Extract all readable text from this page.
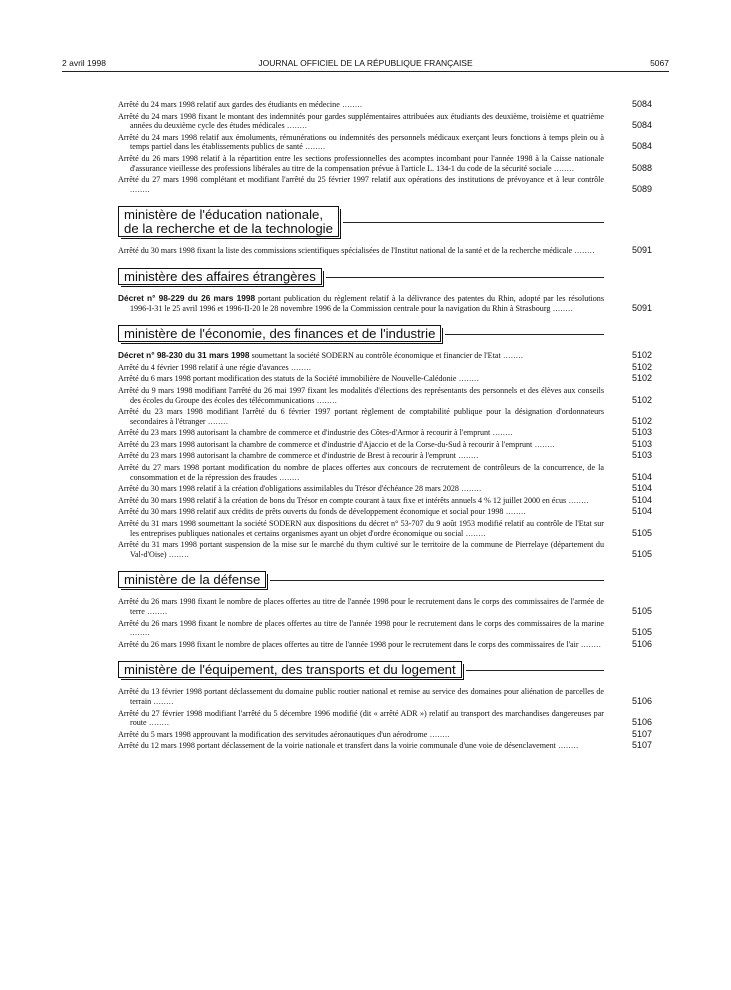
2 avril 1998	JOURNAL OFFICIEL DE LA RÉPUBLIQUE FRANÇAISE	5067
Arrêté du 24 mars 1998 relatif aux gardes des étudiants en médecine ........	5084
Arrêté du 24 mars 1998 fixant le montant des indemnités pour gardes supplémentaires attribuées aux étudiants des deuxième, troisième et quatrième années du deuxième cycle des études médicales ........	5084
Arrêté du 24 mars 1998 relatif aux émoluments, rémunérations ou indemnités des personnels médicaux exerçant leurs fonctions à temps plein ou à temps partiel dans les établissements publics de santé ........	5084
Arrêté du 26 mars 1998 relatif à la répartition entre les sections professionnelles des acomptes incombant pour l'année 1998 à la Caisse nationale d'assurance vieillesse des professions libérales au titre de la compensation prévue à l'article L. 134-1 du code de la sécurité sociale ........	5088
Arrêté du 27 mars 1998 complétant et modifiant l'arrêté du 25 février 1997 relatif aux opérations des institutions de prévoyance et à leur contrôle ........	5089
ministère de l'éducation nationale,
de la recherche et de la technologie
Arrêté du 30 mars 1998 fixant la liste des commissions scientifiques spécialisées de l'Institut national de la santé et de la recherche médicale ........	5091
ministère des affaires étrangères
Décret n° 98-229 du 26 mars 1998 portant publication du règlement relatif à la délivrance des patentes du Rhin, adopté par les résolutions 1996-I-31 le 25 avril 1996 et 1996-II-20 le 28 novembre 1996 de la Commission centrale pour la navigation du Rhin à Strasbourg ........	5091
ministère de l'économie, des finances et de l'industrie
Décret n° 98-230 du 31 mars 1998 soumettant la société SODERN au contrôle économique et financier de l'Etat ........	5102
Arrêté du 4 février 1998 relatif à une régie d'avances ........	5102
Arrêté du 6 mars 1998 portant modification des statuts de la Société immobilière de Nouvelle-Calédonie ........	5102
Arrêté du 9 mars 1998 modifiant l'arrêté du 26 mai 1997 fixant les modalités d'élections des représentants des personnels et des élèves aux conseils des écoles du Groupe des écoles des télécommunications ........	5102
Arrêté du 23 mars 1998 modifiant l'arrêté du 6 février 1997 portant règlement de comptabilité publique pour la désignation d'ordonnateurs secondaires à l'étranger ........	5102
Arrêté du 23 mars 1998 autorisant la chambre de commerce et d'industrie des Côtes-d'Armor à recourir à l'emprunt ........	5103
Arrêté du 23 mars 1998 autorisant la chambre de commerce et d'industrie d'Ajaccio et de la Corse-du-Sud à recourir à l'emprunt ........	5103
Arrêté du 23 mars 1998 autorisant la chambre de commerce et d'industrie de Brest à recourir à l'emprunt ........	5103
Arrêté du 27 mars 1998 portant modification du nombre de places offertes aux concours de recrutement de contrôleurs de la concurrence, de la consommation et de la répression des fraudes ........	5104
Arrêté du 30 mars 1998 relatif à la création d'obligations assimilables du Trésor d'échéance 28 mars 2028 ........	5104
Arrêté du 30 mars 1998 relatif à la création de bons du Trésor en compte courant à taux fixe et intérêts annuels 4 % 12 juillet 2000 en écus ........	5104
Arrêté du 30 mars 1998 relatif aux crédits de prêts ouverts du fonds de développement économique et social pour 1998 ........	5104
Arrêté du 31 mars 1998 soumettant la société SODERN aux dispositions du décret n° 53-707 du 9 août 1953 modifié relatif au contrôle de l'Etat sur les entreprises publiques nationales et certains organismes ayant un objet d'ordre économique ou social ........	5105
Arrêté du 31 mars 1998 portant suspension de la mise sur le marché du thym cultivé sur le territoire de la commune de Pierrelaye (département du Val-d'Oise) ........	5105
ministère de la défense
Arrêté du 26 mars 1998 fixant le nombre de places offertes au titre de l'année 1998 pour le recrutement dans le corps des commissaires de l'armée de terre ........	5105
Arrêté du 26 mars 1998 fixant le nombre de places offertes au titre de l'année 1998 pour le recrutement dans le corps des commissaires de la marine ........	5105
Arrêté du 26 mars 1998 fixant le nombre de places offertes au titre de l'année 1998 pour le recrutement dans le corps des commissaires de l'air ........	5106
ministère de l'équipement, des transports et du logement
Arrêté du 13 février 1998 portant déclassement du domaine public routier national et remise au service des domaines pour aliénation de parcelles de terrain ........	5106
Arrêté du 27 février 1998 modifiant l'arrêté du 5 décembre 1996 modifié (dit « arrêté ADR ») relatif au transport des marchandises dangereuses par route ........	5106
Arrêté du 5 mars 1998 approuvant la modification des servitudes aéronautiques d'un aérodrome ........	5107
Arrêté du 12 mars 1998 portant déclassement de la voirie nationale et transfert dans la voirie communale d'une voie de désenclavement ........	5107
